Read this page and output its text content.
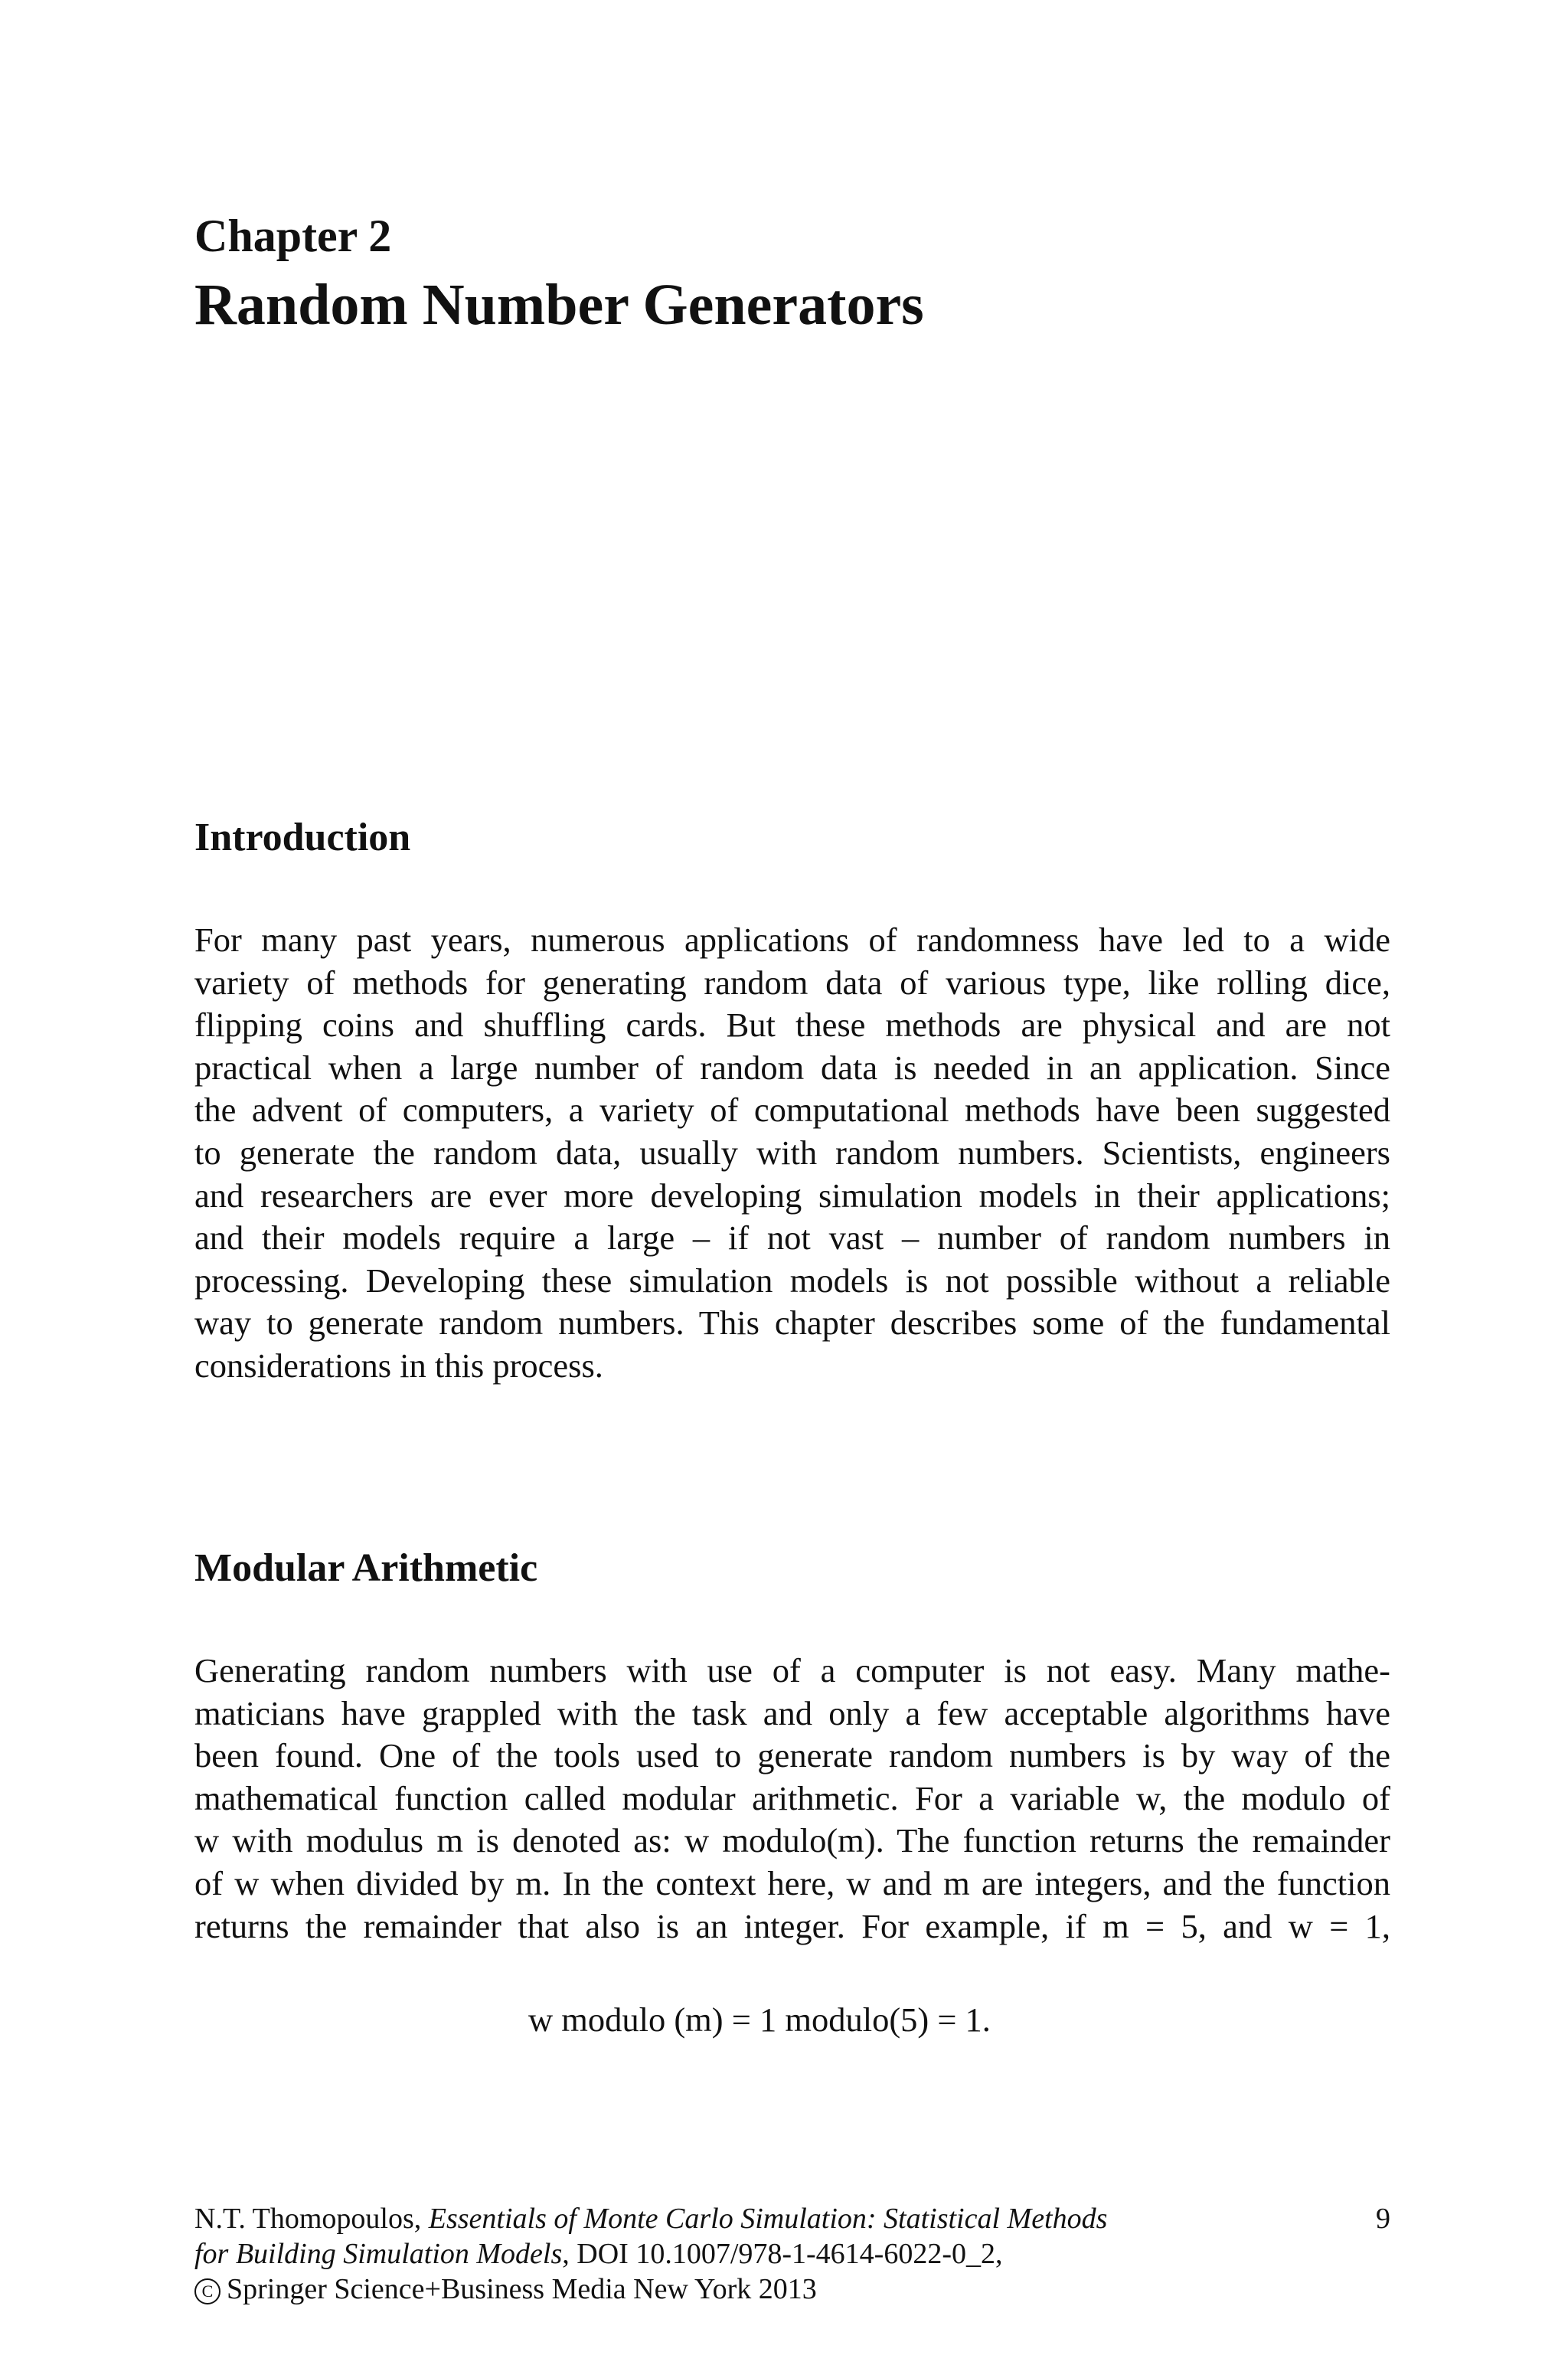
Chapter 2
Random Number Generators
Introduction
For many past years, numerous applications of randomness have led to a wide
variety of methods for generating random data of various type, like rolling dice,
flipping coins and shuffling cards. But these methods are physical and are not
practical when a large number of random data is needed in an application. Since
the advent of computers, a variety of computational methods have been suggested
to generate the random data, usually with random numbers. Scientists, engineers
and researchers are ever more developing simulation models in their applications;
and their models require a large – if not vast – number of random numbers in
processing. Developing these simulation models is not possible without a reliable
way to generate random numbers. This chapter describes some of the fundamental
considerations in this process.
Modular Arithmetic
Generating random numbers with use of a computer is not easy. Many mathe-
maticians have grappled with the task and only a few acceptable algorithms have
been found. One of the tools used to generate random numbers is by way of the
mathematical function called modular arithmetic. For a variable w, the modulo of
w with modulus m is denoted as: w modulo(m). The function returns the remainder
of w when divided by m. In the context here, w and m are integers, and the function
returns the remainder that also is an integer. For example, if m = 5, and w = 1,
w modulo (m) = 1 modulo(5) = 1.
N.T. Thomopoulos, Essentials of Monte Carlo Simulation: Statistical Methods
for Building Simulation Models, DOI 10.1007/978-1-4614-6022-0_2,
C Springer Science+Business Media New York 2013
9
